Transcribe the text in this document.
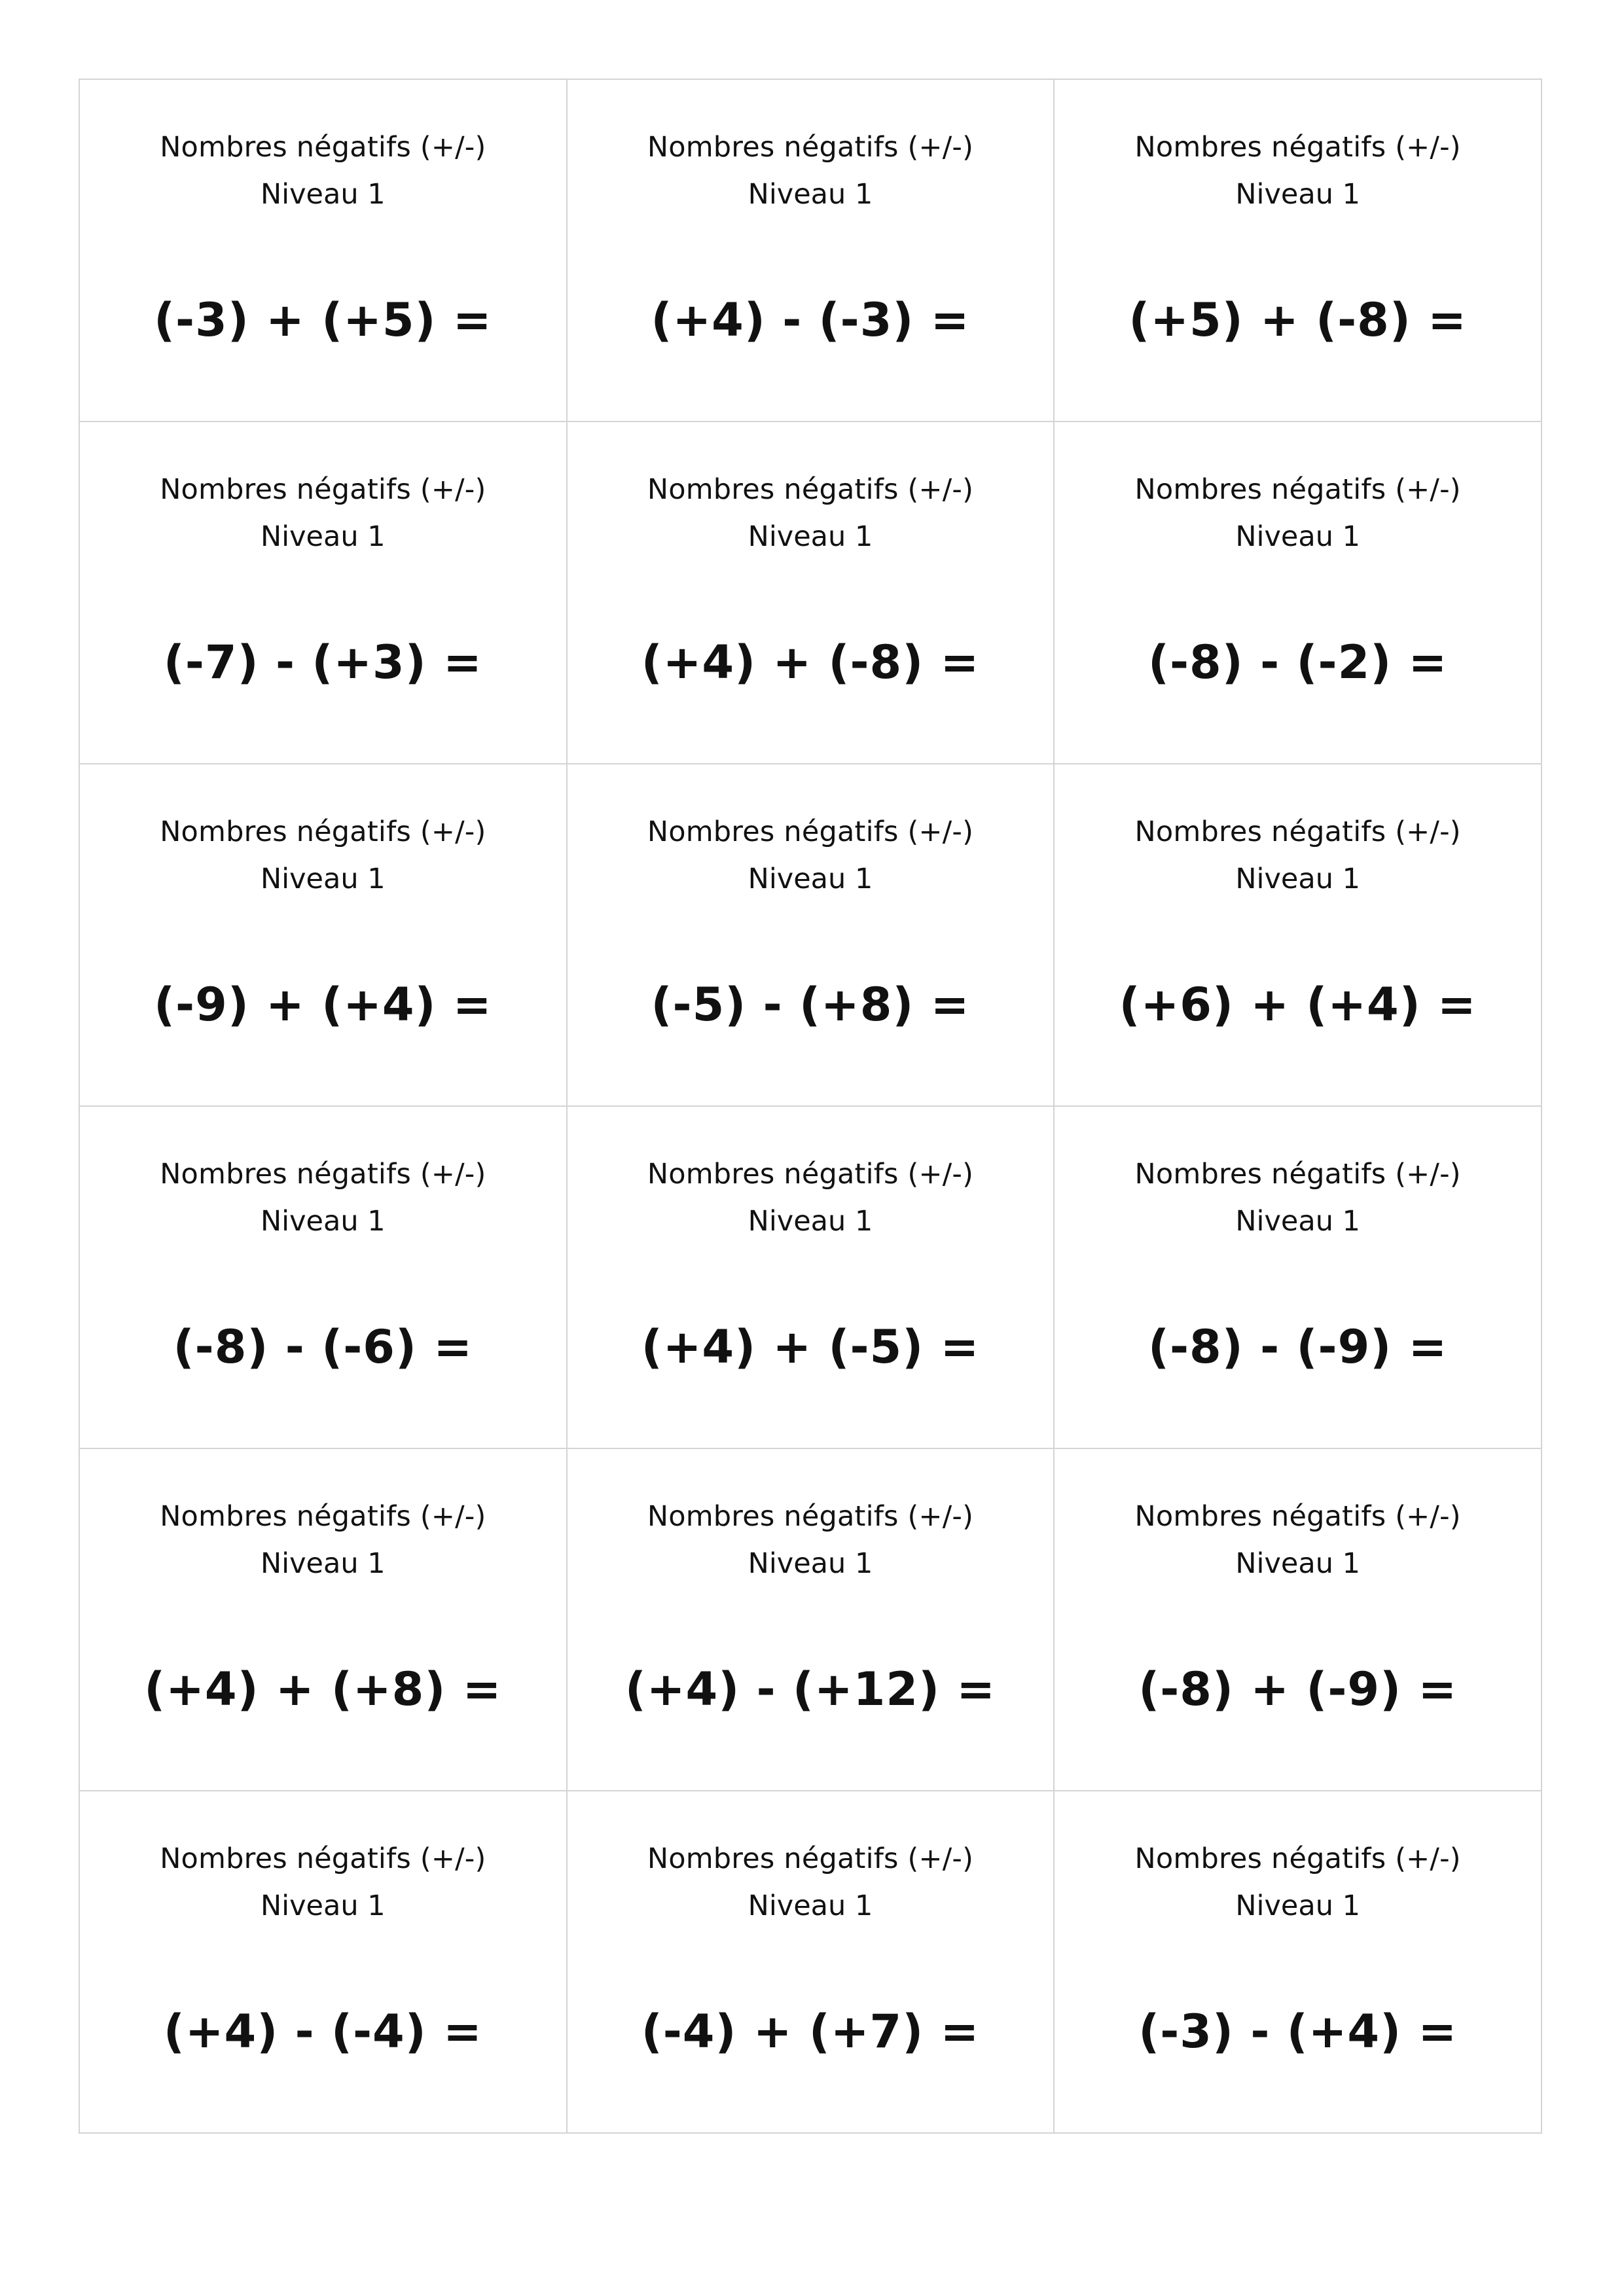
Nombres négatifs (+/-)
Niveau 1
(-3) + (+5) =
Nombres négatifs (+/-)
Niveau 1
(+4) - (-3) =
Nombres négatifs (+/-)
Niveau 1
(+5) + (-8) =
Nombres négatifs (+/-)
Niveau 1
(-7) - (+3) =
Nombres négatifs (+/-)
Niveau 1
(+4) + (-8) =
Nombres négatifs (+/-)
Niveau 1
(-8) - (-2) =
Nombres négatifs (+/-)
Niveau 1
(-9) + (+4) =
Nombres négatifs (+/-)
Niveau 1
(-5) - (+8) =
Nombres négatifs (+/-)
Niveau 1
(+6) + (+4) =
Nombres négatifs (+/-)
Niveau 1
(-8) - (-6) =
Nombres négatifs (+/-)
Niveau 1
(+4) + (-5) =
Nombres négatifs (+/-)
Niveau 1
(-8) - (-9) =
Nombres négatifs (+/-)
Niveau 1
(+4) + (+8) =
Nombres négatifs (+/-)
Niveau 1
(+4) - (+12) =
Nombres négatifs (+/-)
Niveau 1
(-8) + (-9) =
Nombres négatifs (+/-)
Niveau 1
(+4) - (-4) =
Nombres négatifs (+/-)
Niveau 1
(-4) + (+7) =
Nombres négatifs (+/-)
Niveau 1
(-3) - (+4) =
